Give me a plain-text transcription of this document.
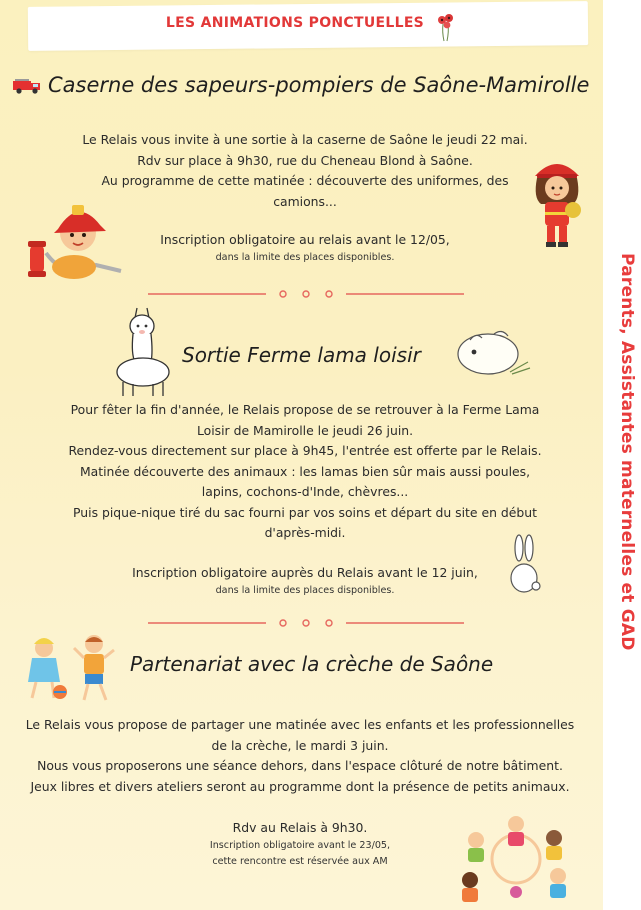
LES ANIMATIONS PONCTUELLES
Caserne des sapeurs-pompiers de Saône-Mamirolle
Le Relais vous invite à une sortie à la caserne de Saône le jeudi 22 mai.
Rdv sur place à 9h30, rue du Cheneau Blond à Saône.
Au programme de cette matinée : découverte des uniformes, des
camions...
Inscription obligatoire au relais avant le 12/05,
dans la limite des places disponibles.
Sortie Ferme lama loisir
Pour fêter la fin d'année, le Relais propose de se retrouver à la Ferme Lama
Loisir de Mamirolle le jeudi 26 juin.
Rendez-vous directement sur place à 9h45, l'entrée est offerte par le Relais.
Matinée découverte des animaux : les lamas bien sûr mais aussi poules,
lapins, cochons-d'Inde, chèvres...
Puis pique-nique tiré du sac fourni par vos soins et départ du site en début
d'après-midi.
Inscription obligatoire auprès du Relais avant le 12 juin,
dans la limite des places disponibles.
Partenariat avec la crèche de Saône
Le Relais vous propose de partager une matinée avec les enfants et les professionnelles
de la crèche, le mardi 3 juin.
Nous vous proposerons une séance dehors, dans l'espace clôturé de notre bâtiment.
Jeux libres et divers ateliers seront au programme dont la présence de petits animaux.
Rdv au Relais à 9h30.
Inscription obligatoire avant le 23/05,
cette rencontre est réservée aux AM
Parents, Assistantes maternelles et GAD
